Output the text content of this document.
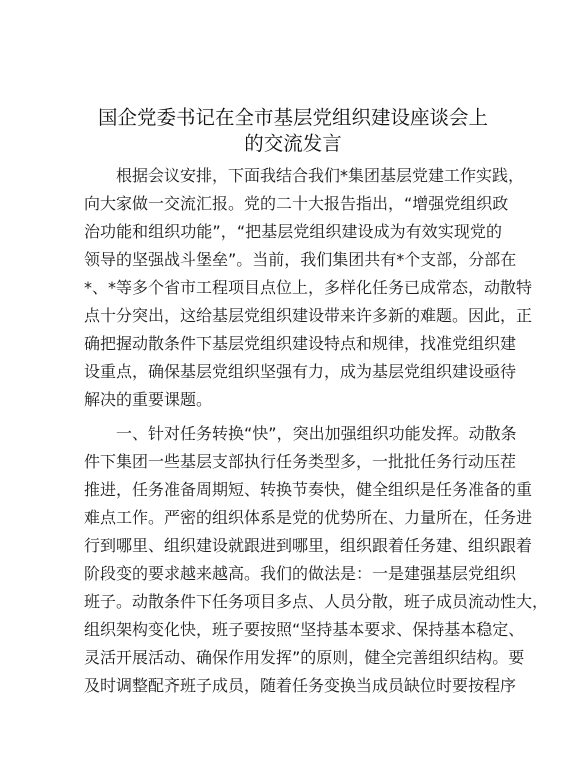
国企党委书记在全市基层党组织建设座谈会上
的交流发言
根据会议安排，下面我结合我们*集团基层党建工作实践，
向大家做一交流汇报。党的二十大报告指出，“增强党组织政
治功能和组织功能”，“把基层党组织建设成为有效实现党的
领导的坚强战斗堡垒”。当前，我们集团共有*个支部，分部在
*、*等多个省市工程项目点位上，多样化任务已成常态，动散特
点十分突出，这给基层党组织建设带来许多新的难题。因此，正
确把握动散条件下基层党组织建设特点和规律，找准党组织建
设重点，确保基层党组织坚强有力，成为基层党组织建设亟待
解决的重要课题。
一、针对任务转换“快”，突出加强组织功能发挥。动散条
件下集团一些基层支部执行任务类型多，一批批任务行动压茬
推进，任务准备周期短、转换节奏快，健全组织是任务准备的重
难点工作。严密的组织体系是党的优势所在、力量所在，任务进
行到哪里、组织建设就跟进到哪里，组织跟着任务建、组织跟着
阶段变的要求越来越高。我们的做法是：一是建强基层党组织
班子。动散条件下任务项目多点、人员分散，班子成员流动性大，
组织架构变化快，班子要按照“坚持基本要求、保持基本稳定、
灵活开展活动、确保作用发挥”的原则，健全完善组织结构。要
及时调整配齐班子成员，随着任务变换当成员缺位时要按程序
